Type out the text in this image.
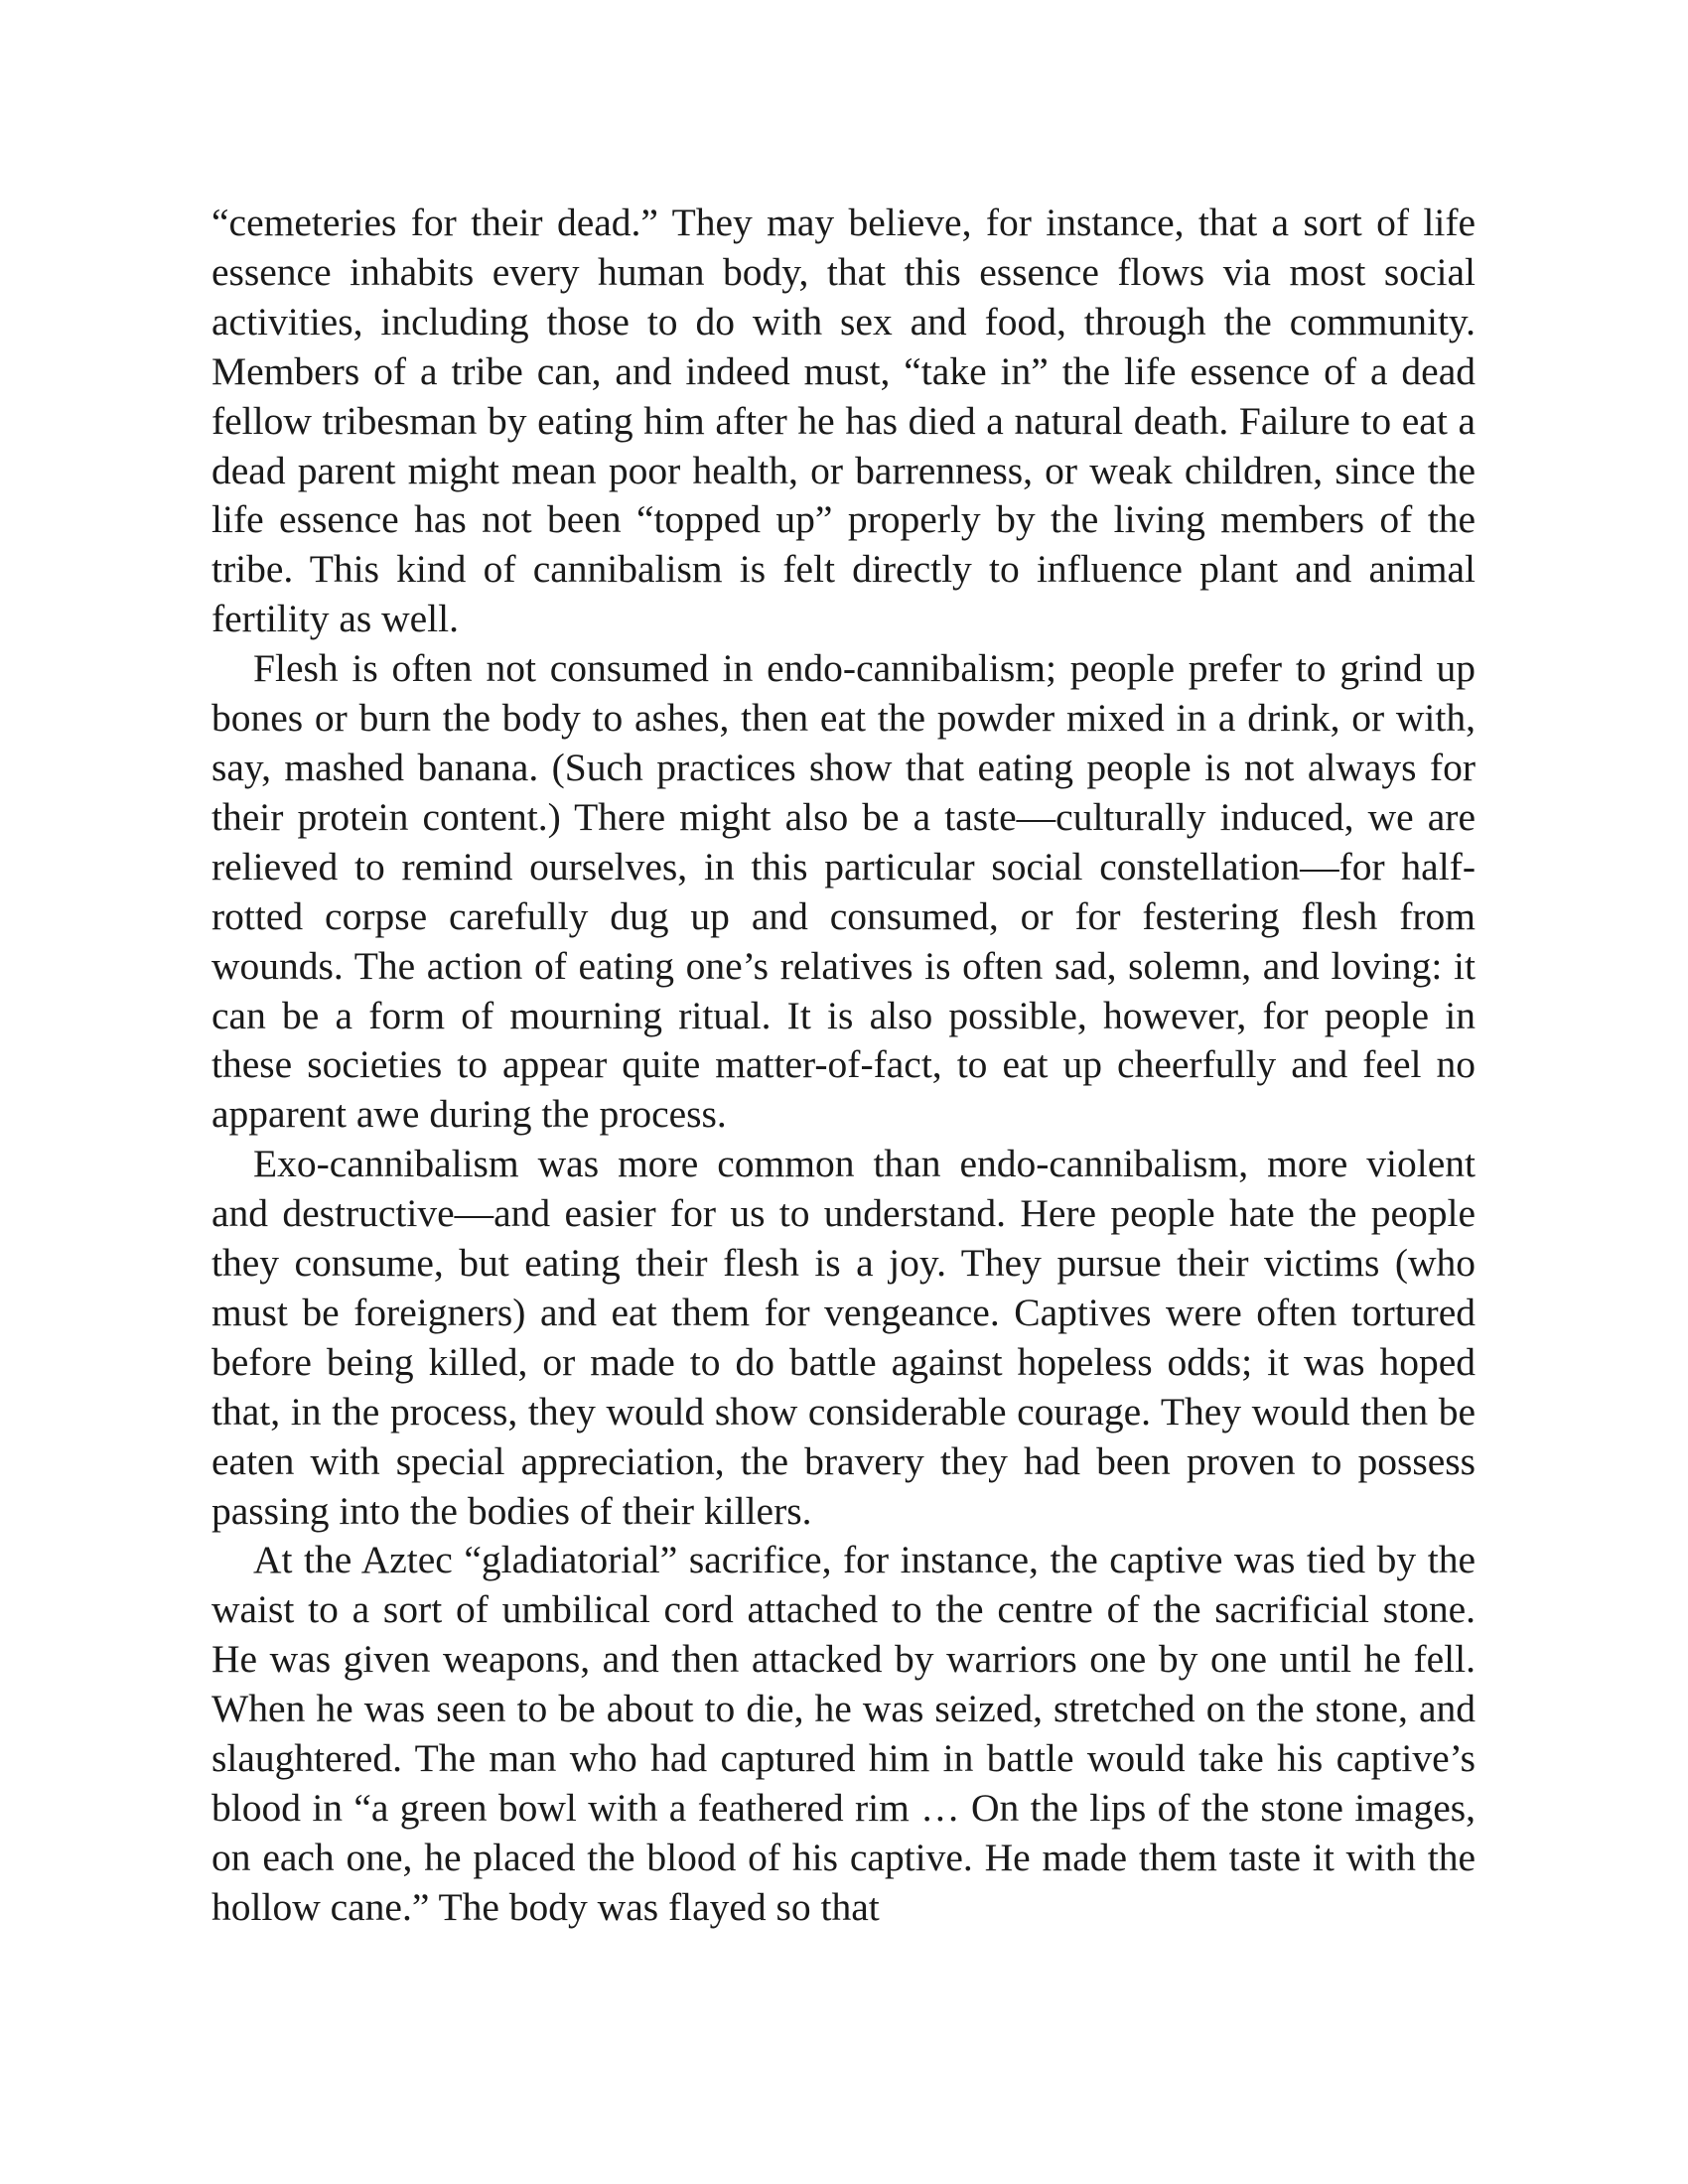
“cemeteries for their dead.” They may believe, for instance, that a sort of life essence inhabits every human body, that this essence flows via most social activities, including those to do with sex and food, through the community. Members of a tribe can, and indeed must, “take in” the life essence of a dead fellow tribesman by eating him after he has died a natural death. Failure to eat a dead parent might mean poor health, or barrenness, or weak children, since the life essence has not been “topped up” properly by the living members of the tribe. This kind of cannibalism is felt directly to influence plant and animal fertility as well.

Flesh is often not consumed in endo-cannibalism; people prefer to grind up bones or burn the body to ashes, then eat the powder mixed in a drink, or with, say, mashed banana. (Such practices show that eating people is not always for their protein content.) There might also be a taste—culturally induced, we are relieved to remind ourselves, in this particular social constellation—for half-rotted corpse carefully dug up and consumed, or for festering flesh from wounds. The action of eating one’s relatives is often sad, solemn, and loving: it can be a form of mourning ritual. It is also possible, however, for people in these societies to appear quite matter-of-fact, to eat up cheerfully and feel no apparent awe during the process.

Exo-cannibalism was more common than endo-cannibalism, more violent and destructive—and easier for us to understand. Here people hate the people they consume, but eating their flesh is a joy. They pursue their victims (who must be foreigners) and eat them for vengeance. Captives were often tortured before being killed, or made to do battle against hopeless odds; it was hoped that, in the process, they would show considerable courage. They would then be eaten with special appreciation, the bravery they had been proven to possess passing into the bodies of their killers.

At the Aztec “gladiatorial” sacrifice, for instance, the captive was tied by the waist to a sort of umbilical cord attached to the centre of the sacrificial stone. He was given weapons, and then attacked by warriors one by one until he fell. When he was seen to be about to die, he was seized, stretched on the stone, and slaughtered. The man who had captured him in battle would take his captive’s blood in “a green bowl with a feathered rim … On the lips of the stone images, on each one, he placed the blood of his captive. He made them taste it with the hollow cane.” The body was flayed so that
